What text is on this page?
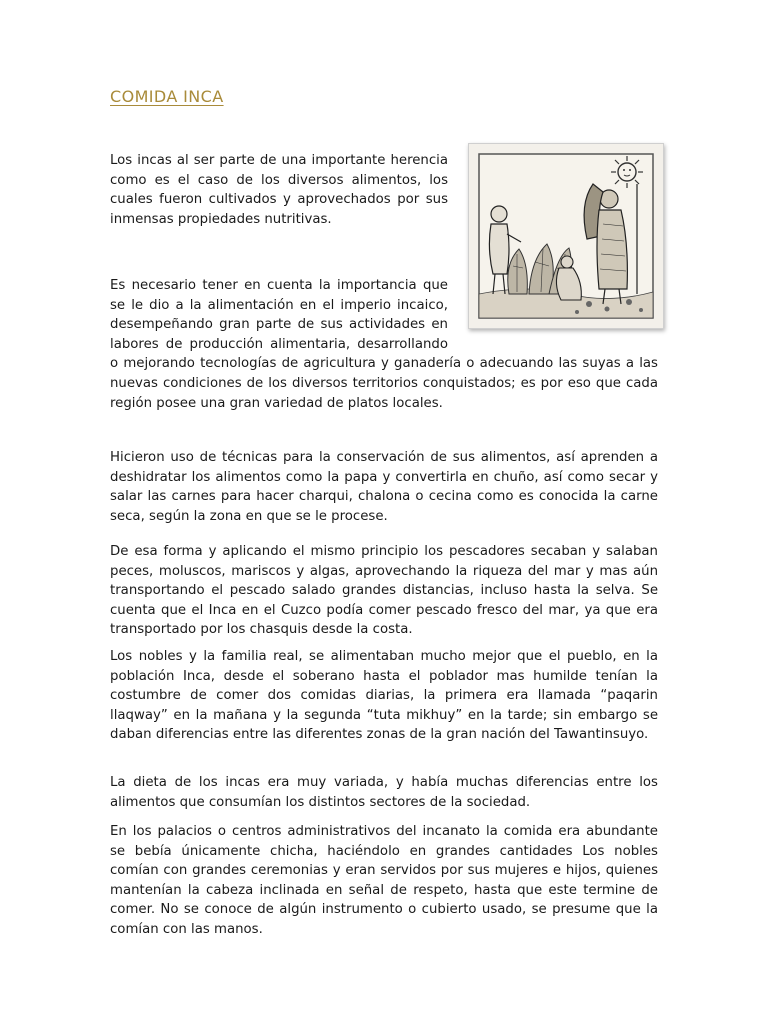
COMIDA INCA

Los incas al ser parte de una importante herencia como es el caso de los diversos alimentos, los cuales fueron cultivados y aprovechados por sus inmensas propiedades nutritivas.

Es necesario tener en cuenta la importancia que se le dio a la alimentación en el imperio incaico, desempeñando gran parte de sus actividades en labores de producción alimentaria, desarrollando o mejorando tecnologías de agricultura y ganadería o adecuando las suyas a las nuevas condiciones de los diversos territorios conquistados; es por eso que cada región posee una gran variedad de platos locales.

Hicieron uso de técnicas para la conservación de sus alimentos, así aprenden a deshidratar los alimentos como la papa y convertirla en chuño, así como secar y salar las carnes para hacer charqui, chalona o cecina como es conocida la carne seca, según la zona en que se le procese.

De esa forma y aplicando el mismo principio los pescadores secaban y salaban peces, moluscos, mariscos y algas, aprovechando la riqueza del mar y mas aún transportando el pescado salado grandes distancias, incluso hasta la selva. Se cuenta que el Inca en el Cuzco podía comer pescado fresco del mar, ya que era transportado por los chasquis desde la costa.

Los nobles y la familia real, se alimentaban mucho mejor que el pueblo, en la población Inca, desde el soberano hasta el poblador mas humilde tenían la costumbre de comer dos comidas diarias, la primera era llamada “paqarin llaqway” en la mañana y la segunda “tuta mikhuy” en la tarde; sin embargo se daban diferencias entre las diferentes zonas de la gran nación del Tawantinsuyo.

La dieta de los incas era muy variada, y había muchas diferencias entre los alimentos que consumían los distintos sectores de la sociedad.

En los palacios o centros administrativos del incanato la comida era abundante se bebía únicamente chicha, haciéndolo en grandes cantidades Los nobles comían con grandes ceremonias y eran servidos por sus mujeres e hijos, quienes mantenían la cabeza inclinada en señal de respeto, hasta que este termine de comer. No se conoce de algún instrumento o cubierto usado, se presume que la comían con las manos.
